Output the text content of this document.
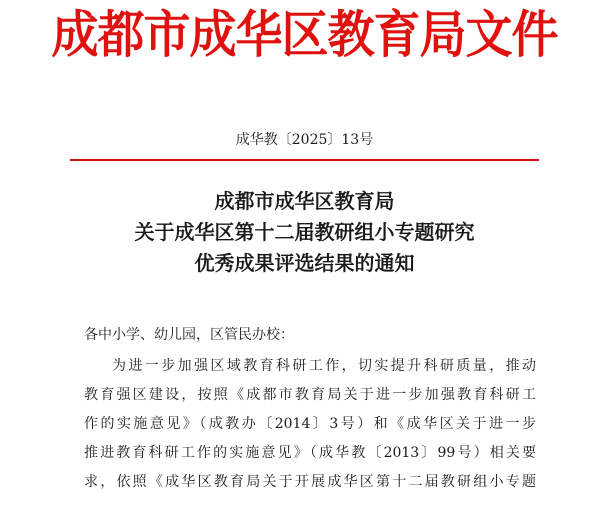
成都市成华区教育局文件
成华教〔2025〕13号
成都市成华区教育局
关于成华区第十二届教研组小专题研究
优秀成果评选结果的通知
各中小学、幼儿园，区管民办校：
为进一步加强区域教育科研工作，切实提升科研质量，推动
教育强区建设，按照《成都市教育局关于进一步加强教育科研工
作的实施意见》（成教办〔2014〕3号）和《成华区关于进一步
推进教育科研工作的实施意见》（成华教〔2013〕99号）相关要
求，依照《成华区教育局关于开展成华区第十二届教研组小专题
